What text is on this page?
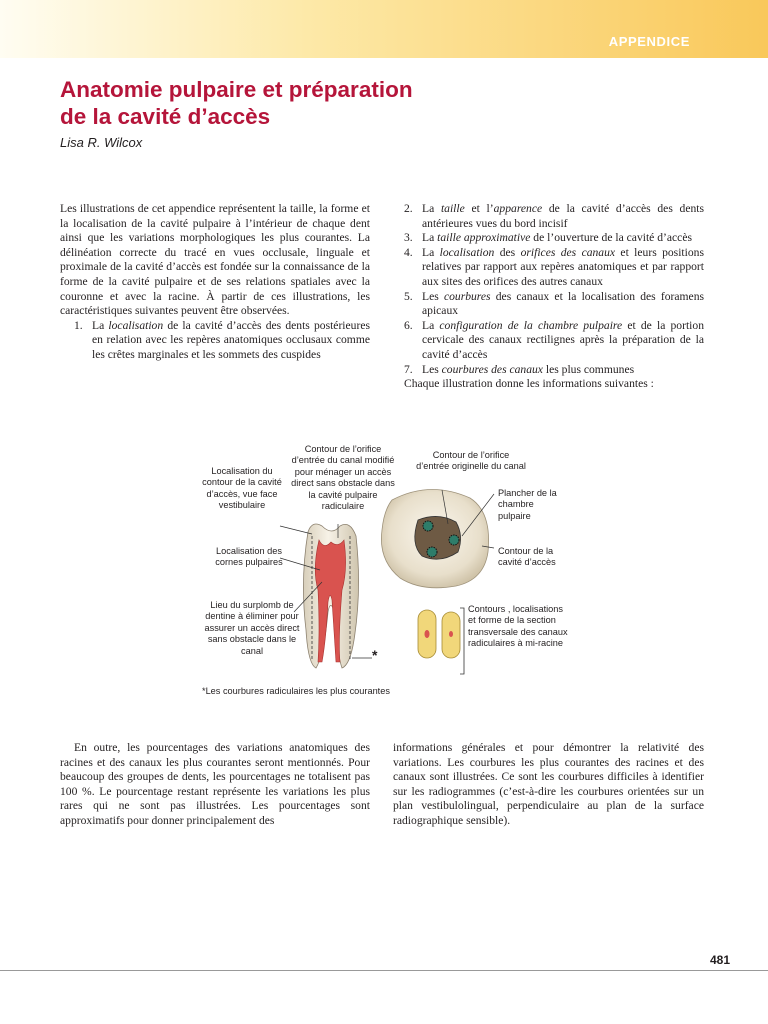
APPENDICE
Anatomie pulpaire et préparation
de la cavité d’accès
Lisa R. Wilcox

Les illustrations de cet appendice représentent la taille, la forme et la localisation de la cavité pulpaire à l’intérieur de chaque dent ainsi que les variations morphologiques les plus courantes. La délinéation correcte du tracé en vues occlusale, linguale et proximale de la cavité d’accès est fondée sur la connaissance de la forme de la cavité pulpaire et de ses relations spatiales avec la couronne et avec la racine. À partir de ces illustrations, les caractéristiques suivantes peuvent être observées.

1. La localisation de la cavité d’accès des dents postérieures en relation avec les repères anatomiques occlusaux comme les crêtes marginales et les sommets des cuspides
2. La taille et l’apparence de la cavité d’accès des dents antérieures vues du bord incisif
3. La taille approximative de l’ouverture de la cavité d’accès
4. La localisation des orifices des canaux et leurs positions relatives par rapport aux repères anatomiques et par rapport aux sites des orifices des autres canaux
5. Les courbures des canaux et la localisation des foramens apicaux
6. La configuration de la chambre pulpaire et de la portion cervicale des canaux rectilignes après la préparation de la cavité d’accès
7. Les courbures des canaux les plus communes

Chaque illustration donne les informations suivantes :

Contour de l’orifice d’entrée du canal modifié pour ménager un accès direct sans obstacle dans la cavité pulpaire radiculaire
Contour de l’orifice d’entrée originelle du canal
Localisation du contour de la cavité d’accès, vue face vestibulaire
Localisation des cornes pulpaires
Lieu du surplomb de dentine à éliminer pour assurer un accès direct sans obstacle dans le canal
Plancher de la chambre pulpaire
Contour de la cavité d’accès
Contours , localisations et forme de la section transversale des canaux radiculaires à mi-racine
*
*Les courbures radiculaires les plus courantes

En outre, les pourcentages des variations anatomiques des racines et des canaux les plus courantes seront mentionnés. Pour beaucoup des groupes de dents, les pourcentages ne totalisent pas 100 %. Le pourcentage restant représente les variations les plus rares qui ne sont pas illustrées. Les pourcentages sont approximatifs pour donner principalement des

informations générales et pour démontrer la relativité des variations. Les courbures les plus courantes des racines et des canaux sont illustrées. Ce sont les courbures difficiles à identifier sur les radiogrammes (c’est-à-dire les courbures orientées sur un plan vestibulolingual, perpendiculaire au plan de la surface radiographique sensible).

481
